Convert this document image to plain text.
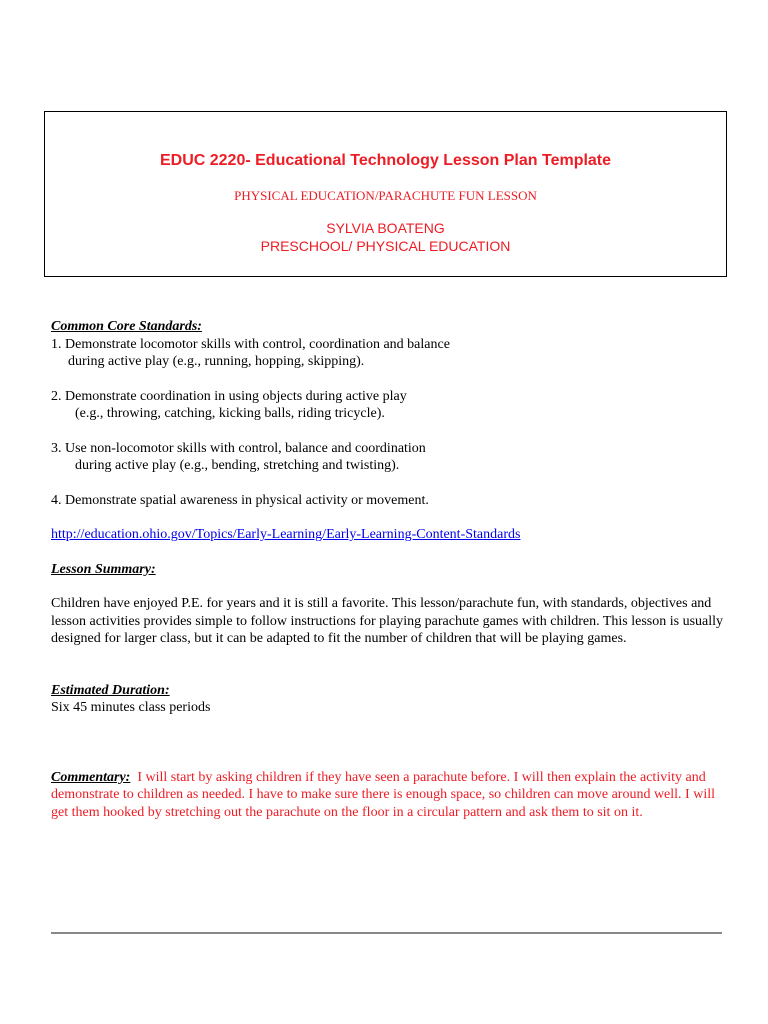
EDUC 2220- Educational Technology Lesson Plan Template
PHYSICAL EDUCATION/PARACHUTE FUN LESSON
SYLVIA BOATENG
PRESCHOOL/ PHYSICAL EDUCATION
Common Core Standards:
1. Demonstrate locomotor skills with control, coordination and balance
during active play (e.g., running, hopping, skipping).
2. Demonstrate coordination in using objects during active play
(e.g., throwing, catching, kicking balls, riding tricycle).
3. Use non-locomotor skills with control, balance and coordination
during active play (e.g., bending, stretching and twisting).
4. Demonstrate spatial awareness in physical activity or movement.
http://education.ohio.gov/Topics/Early-Learning/Early-Learning-Content-Standards
Lesson Summary:

Children have enjoyed P.E. for years and it is still a favorite. This lesson/parachute fun, with standards, objectives and lesson activities provides simple to follow instructions for playing parachute games with children. This lesson is usually designed for larger class, but it can be adapted to fit the number of children that will be playing games.

Estimated Duration:
Six 45 minutes class periods
Commentary: I will start by asking children if they have seen a parachute before. I will then explain the activity and demonstrate to children as needed. I have to make sure there is enough space, so children can move around well. I will get them hooked by stretching out the parachute on the floor in a circular pattern and ask them to sit on it.
